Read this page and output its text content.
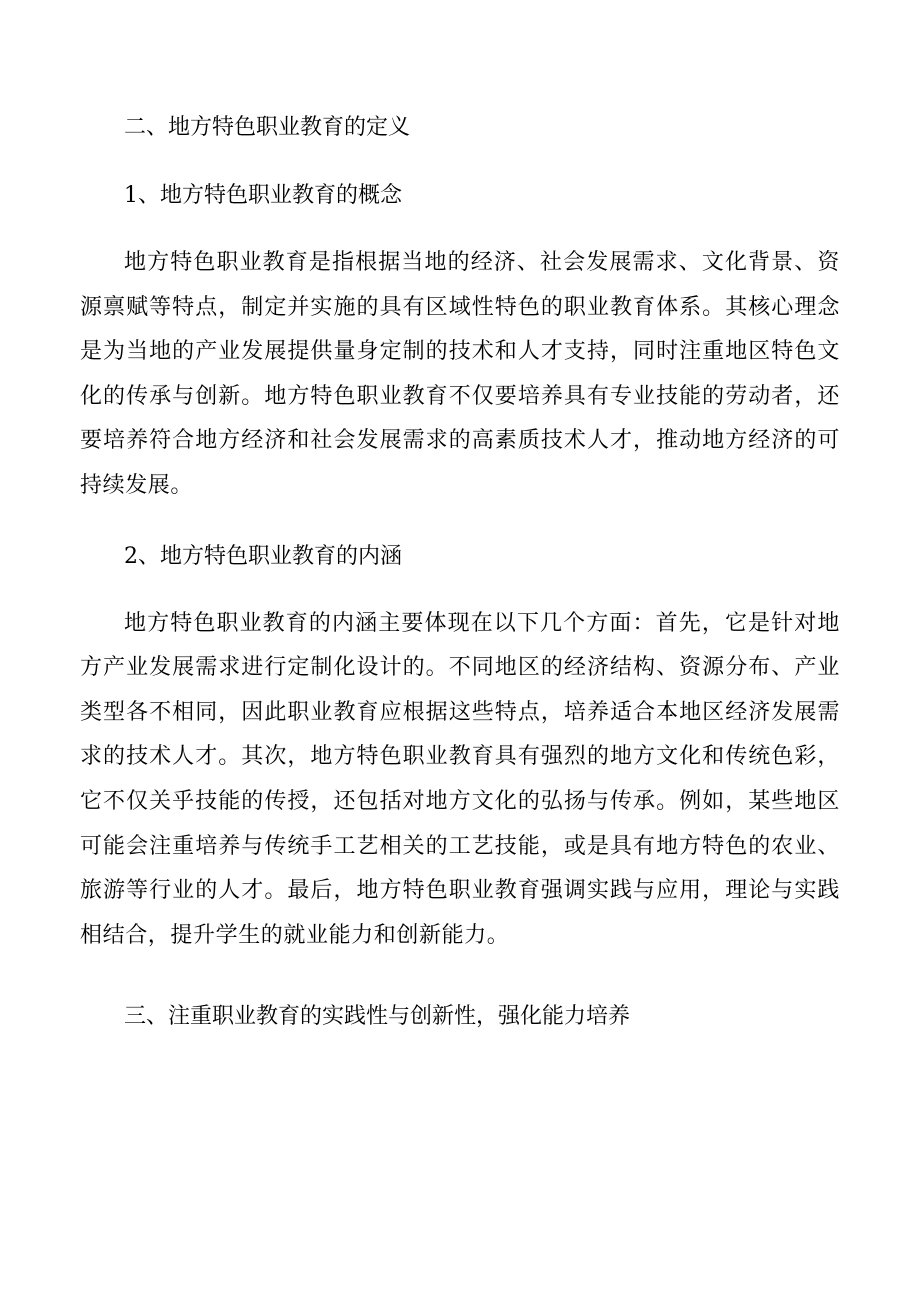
二、地方特色职业教育的定义
1、地方特色职业教育的概念

地方特色职业教育是指根据当地的经济、社会发展需求、文化背景、资源禀赋等特点，制定并实施的具有区域性特色的职业教育体系。其核心理念是为当地的产业发展提供量身定制的技术和人才支持，同时注重地区特色文化的传承与创新。地方特色职业教育不仅要培养具有专业技能的劳动者，还要培养符合地方经济和社会发展需求的高素质技术人才，推动地方经济的可持续发展。

2、地方特色职业教育的内涵

地方特色职业教育的内涵主要体现在以下几个方面：首先，它是针对地方产业发展需求进行定制化设计的。不同地区的经济结构、资源分布、产业类型各不相同，因此职业教育应根据这些特点，培养适合本地区经济发展需求的技术人才。其次，地方特色职业教育具有强烈的地方文化和传统色彩，它不仅关乎技能的传授，还包括对地方文化的弘扬与传承。例如，某些地区可能会注重培养与传统手工艺相关的工艺技能，或是具有地方特色的农业、旅游等行业的人才。最后，地方特色职业教育强调实践与应用，理论与实践相结合，提升学生的就业能力和创新能力。

三、注重职业教育的实践性与创新性，强化能力培养
